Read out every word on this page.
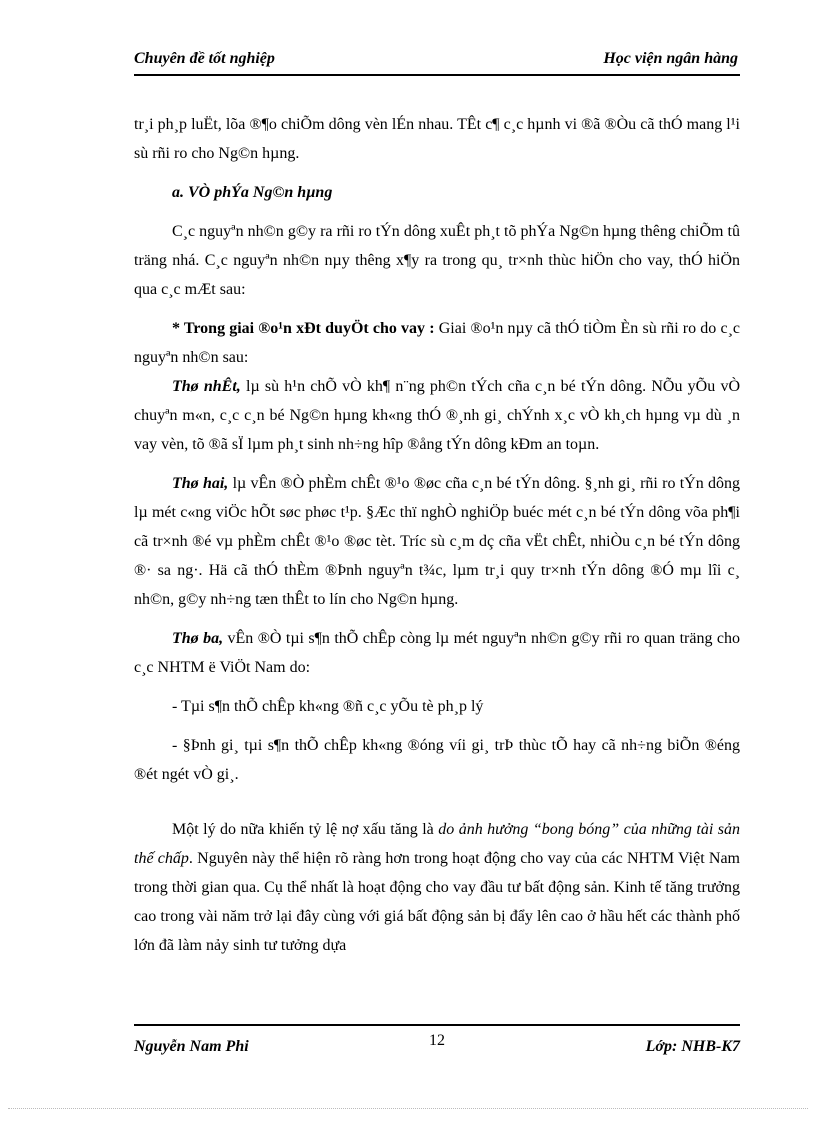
Chuyên đề tốt nghiệp	Học viện ngân hàng

tr¸i ph¸p luËt, lõa ®¶o chiÕm dông vèn lÉn nhau. TÊt c¶ c¸c hµnh vi ®ã ®Òu cã thÓ mang l¹i sù rñi ro cho Ng©n hµng.

a. VÒ phÝa Ng©n hµng

C¸c nguyªn nh©n g©y ra rñi ro tÝn dông xuÊt ph¸t tõ phÝa Ng©n hµng thêng chiÕm tû träng nhá. C¸c nguyªn nh©n nµy thêng x¶y ra trong qu¸ tr×nh thùc hiÖn cho vay, thÓ hiÖn qua c¸c mÆt sau:

* Trong giai ®o¹n xÐt duyÖt cho vay : Giai ®o¹n nµy cã thÓ tiÒm Èn sù rñi ro do c¸c nguyªn nh©n sau:

Thø nhÊt, lµ sù h¹n chÕ vÒ kh¶ n¨ng ph©n tÝch cña c¸n bé tÝn dông. NÕu yÕu vÒ chuyªn m«n, c¸c c¸n bé Ng©n hµng kh«ng thÓ ®¸nh gi¸ chÝnh x¸c vÒ kh¸ch hµng vµ dù ¸n vay vèn, tõ ®ã sÏ lµm ph¸t sinh nh÷ng hîp ®ång tÝn dông kÐm an toµn.

Thø hai, lµ vÊn ®Ò phÈm chÊt ®¹o ®øc cña c¸n bé tÝn dông. §¸nh gi¸ rñi ro tÝn dông lµ mét c«ng viÖc hÕt søc phøc t¹p. §Æc thï nghÒ nghiÖp buéc mét c¸n bé tÝn dông võa ph¶i cã tr×nh ®é vµ phÈm chÊt ®¹o ®øc tèt. Tríc sù c¸m dç cña vËt chÊt, nhiÒu c¸n bé tÝn dông ®· sa ng·. Hä cã thÓ thÈm ®Þnh nguyªn t¾c, lµm tr¸i quy tr×nh tÝn dông ®Ó mµ lîi c¸ nh©n, g©y nh÷ng tæn thÊt to lín cho Ng©n hµng.

Thø ba, vÊn ®Ò tµi s¶n thÕ chÊp còng lµ mét nguyªn nh©n g©y rñi ro quan träng cho c¸c NHTM ë ViÖt Nam do:

- Tµi s¶n thÕ chÊp kh«ng ®ñ c¸c yÕu tè ph¸p lý

- §Þnh gi¸ tµi s¶n thÕ chÊp kh«ng ®óng víi gi¸ trÞ thùc tÕ hay cã nh÷ng biÕn ®éng ®ét ngét vÒ gi¸.

Một lý do nữa khiến tỷ lệ nợ xấu tăng là do ảnh hưởng “bong bóng” của những tài sản thế chấp. Nguyên này thể hiện rõ ràng hơn trong hoạt động cho vay của các NHTM Việt Nam trong thời gian qua. Cụ thể nhất là hoạt động cho vay đầu tư bất động sản. Kinh tế tăng trưởng cao trong vài năm trở lại đây cùng với giá bất động sản bị đẩy lên cao ở hầu hết các thành phố lớn đã làm nảy sinh tư tưởng dựa

Nguyễn Nam Phi	12	Lớp: NHB-K7
